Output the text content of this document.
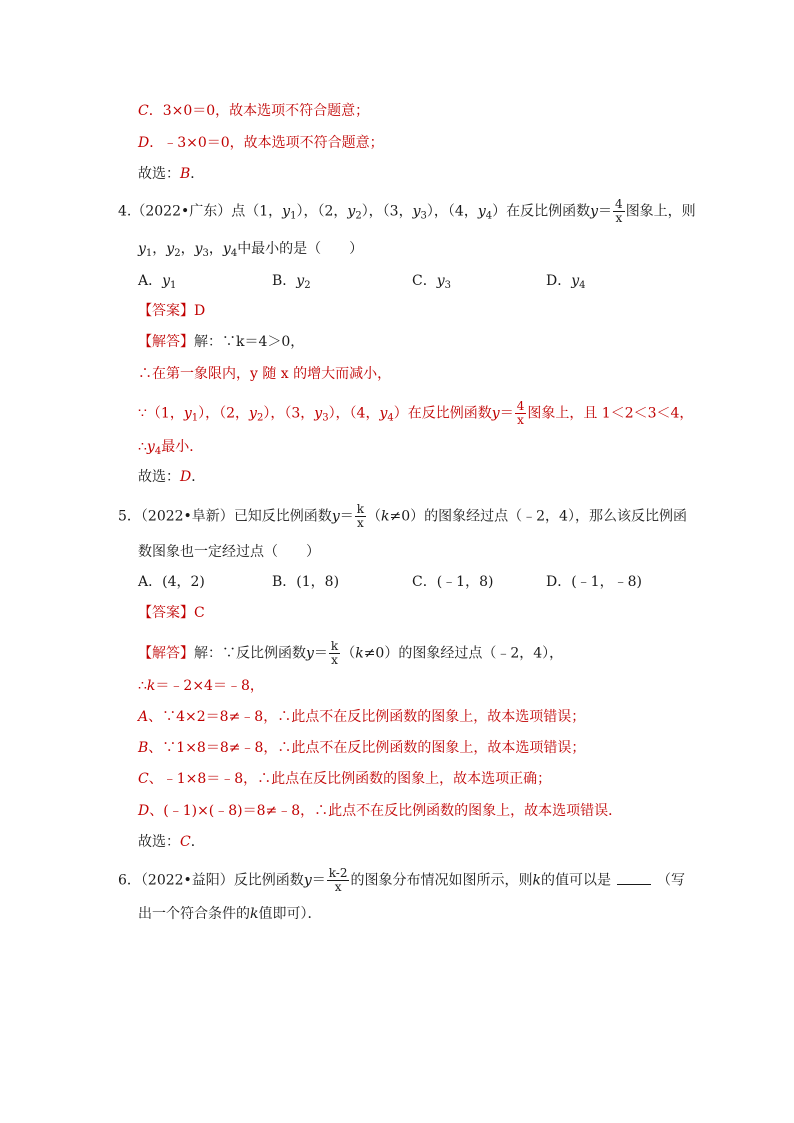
C．3×0＝0，故本选项不符合题意；
D．﹣3×0＝0，故本选项不符合题意；
故选：B．
4.（2022•广东）点（1，$y_1$），（2，$y_2$），（3，$y_3$），（4，$y_4$）在反比例函数$y= \frac{4}{x}$ 图象上，则
$y_1$，$y_2$，$y_3$，$y_4$中最小的是（　　）
A．$y_1$	B．$y_2$	C．$y_3$	D．$y_4$
【答案】D
【解答】解：∵k＝4＞0，
∴在第一象限内，y 随 x 的增大而减小，
∵（1，$y_1$），（2，$y_2$），（3，$y_3$），（4，$y_4$）在反比例函数$y= \frac{4}{x}$ 图象上，且 1＜2＜3＜4，
$\therefore y_4$最小．
故选：D．
5．（2022•阜新）已知反比例函数$y= \frac{k}{x} (k\ne 0)$的图象经过点（﹣2，4），那么该反比例函
数图象也一定经过点（　　）
A．(4，2)	B．(1，8)	C．(﹣1，8)	D．(﹣1，﹣8)
【答案】C
【解答】解：∵反比例函数$y= \frac{k}{x} (k\ne 0)$的图象经过点（﹣2，4），
∴k＝﹣2×4＝﹣8，
A、∵4×2＝8≠﹣8，∴此点不在反比例函数的图象上，故本选项错误；
B、∵1×8＝8≠﹣8，∴此点不在反比例函数的图象上，故本选项错误；
C、﹣1×8＝﹣8，∴此点在反比例函数的图象上，故本选项正确；
D、(﹣1)×(﹣8)＝8≠﹣8，∴此点不在反比例函数的图象上，故本选项错误．
故选：C．
6．（2022•益阳）反比例函数$y= \frac{k-2}{x}$ 的图象分布情况如图所示，则k的值可以是	（写
出一个符合条件的k值即可）．
